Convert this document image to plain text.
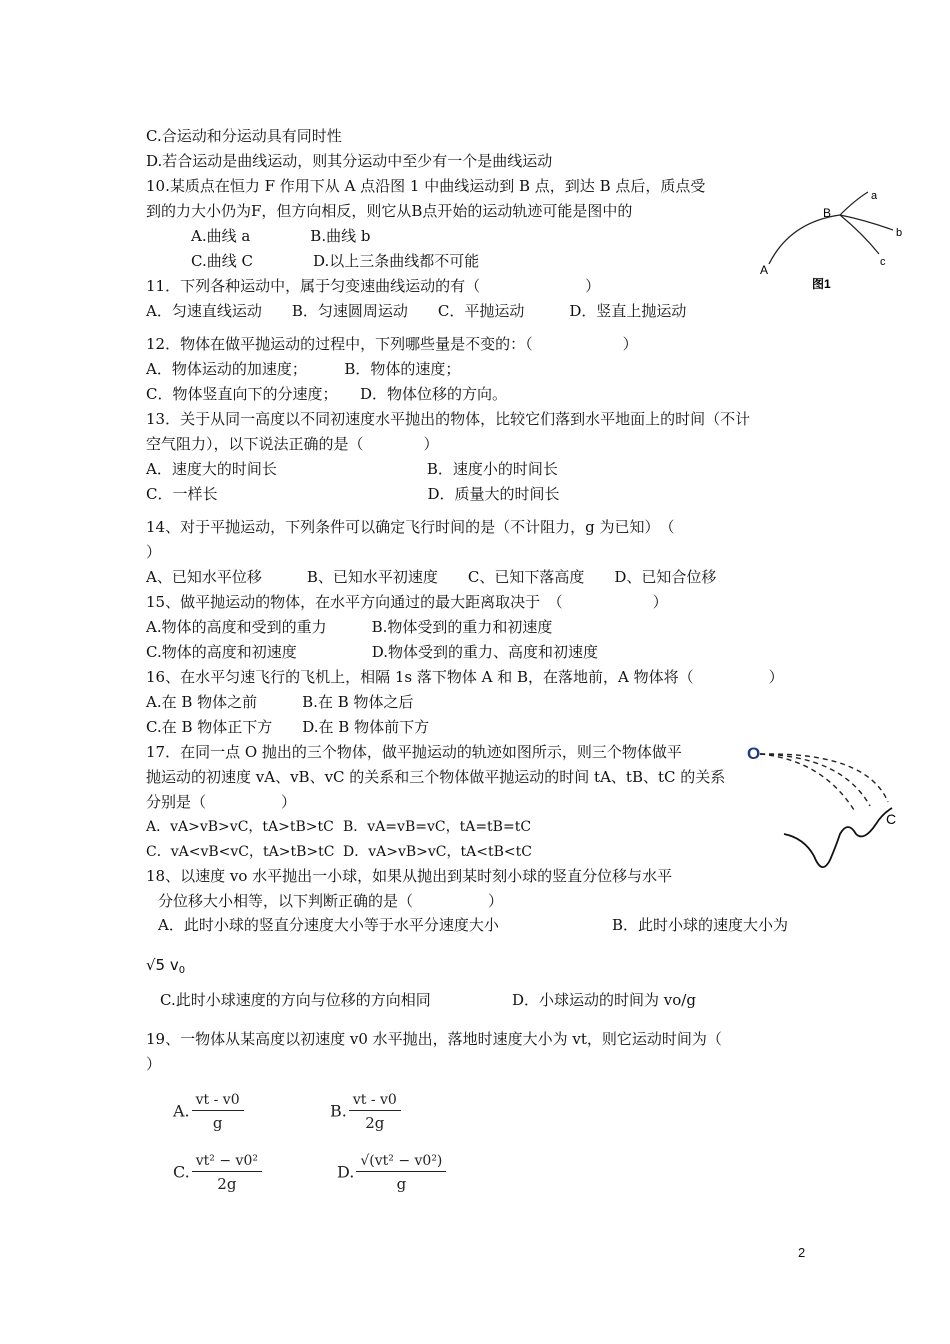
C.合运动和分运动具有同时性
D.若合运动是曲线运动，则其分运动中至少有一个是曲线运动
10.某质点在恒力 F 作用下从 A 点沿图 1 中曲线运动到 B 点，到达 B 点后，质点受
到的力大小仍为F，但方向相反，则它从B点开始的运动轨迹可能是图中的
A.曲线 a　　　　B.曲线 b
C.曲线 C　　　　D.以上三条曲线都不可能
11．下列各种运动中，属于匀变速曲线运动的有（　　　　　　　）
A．匀速直线运动　　B．匀速圆周运动　　C．平抛运动　　　D．竖直上抛运动
12．物体在做平抛运动的过程中，下列哪些量是不变的：（　　　　　　）
A．物体运动的加速度；　　　B．物体的速度；
C．物体竖直向下的分速度；　　D．物体位移的方向。
13．关于从同一高度以不同初速度水平抛出的物体，比较它们落到水平地面上的时间（不计
空气阻力），以下说法正确的是（　　　　）
A．速度大的时间长　　　　　　　　　　B．速度小的时间长
C．一样长　　　　　　　　　　　　　　D．质量大的时间长
14、对于平抛运动，下列条件可以确定飞行时间的是（不计阻力，g 为已知）　（
）
A、已知水平位移　　　B、已知水平初速度　　C、已知下落高度　　D、已知合位移
15、做平抛运动的物体，在水平方向通过的最大距离取决于　（　　　　　　）
A.物体的高度和受到的重力　　　B.物体受到的重力和初速度
C.物体的高度和初速度　　　　　D.物体受到的重力、高度和初速度
16、在水平匀速飞行的飞机上，相隔 1s 落下物体 A 和 B，在落地前，A 物体将（　　　　　）
A.在 B 物体之前　　　B.在 B 物体之后
C.在 B 物体正下方　　D.在 B 物体前下方
17．在同一点 O 抛出的三个物体，做平抛运动的轨迹如图所示，则三个物体做平
抛运动的初速度 vA、vB、vC 的关系和三个物体做平抛运动的时间 tA、tB、tC 的关系
分别是（　　　　　）
A．vA>vB>vC，tA>tB>tC B．vA=vB=vC，tA=tB=tC
C．vA<vB<vC，tA>tB>tC D．vA>vB>vC，tA<tB<tC
18、以速度 vo 水平抛出一小球，如果从抛出到某时刻小球的竖直分位移与水平
分位移大小相等，以下判断正确的是（　　　　　）
A．此时小球的竖直分速度大小等于水平分速度大小	B．此时小球的速度大小为
√5 $v_0$
C.此时小球速度的方向与位移的方向相同	D．小球运动的时间为 vo/g
19、一物体从某高度以初速度 v0 水平抛出，落地时速度大小为 vt，则它运动时间为（
）
A. $\frac{vt - v0}{g}$	B. $\frac{vt - v0}{2g}$
C. $\frac{\text{vt² − v0²}}{2g}$	D. $\frac{\text{√(vt² − v0²)}}{g}$
a
b
c
B
A
图1
O
C
2
